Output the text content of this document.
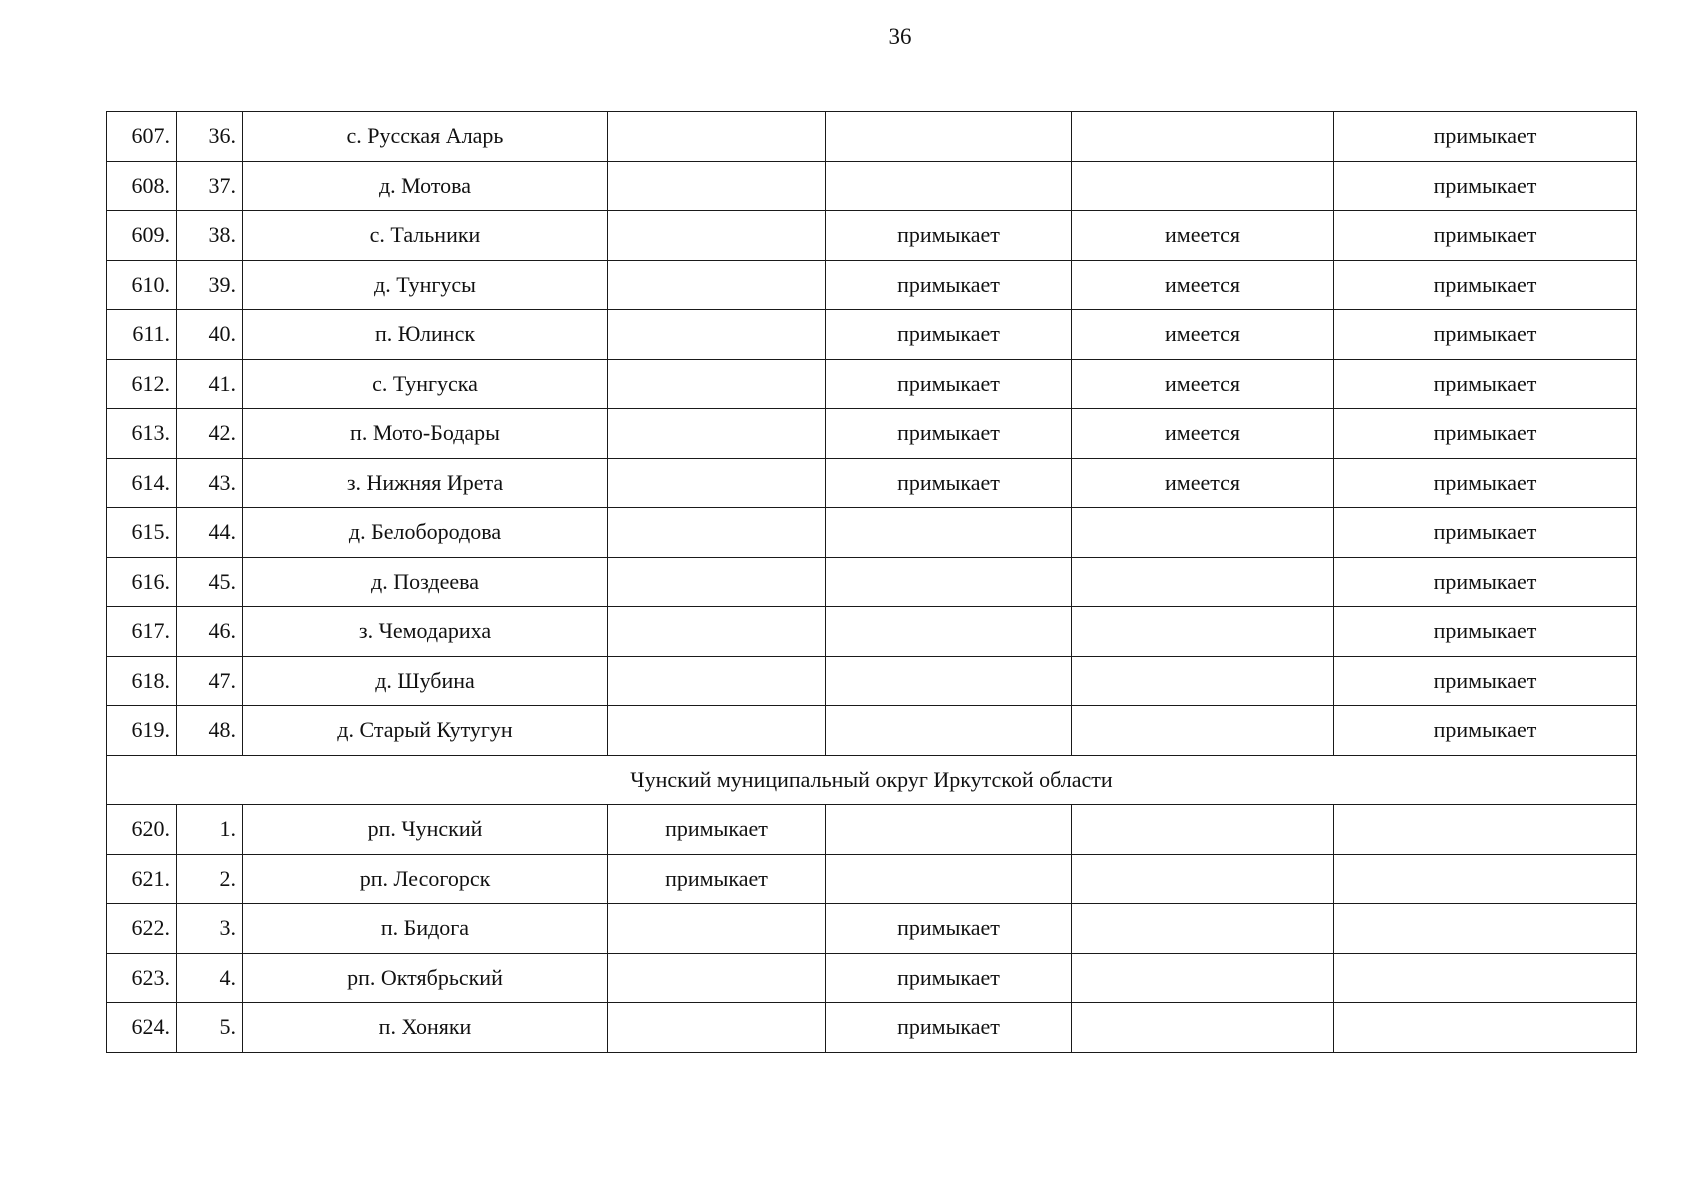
36
607.	36.	с. Русская Аларь				примыкает
608.	37.	д. Мотова				примыкает
609.	38.	с. Тальники		примыкает	имеется	примыкает
610.	39.	д. Тунгусы		примыкает	имеется	примыкает
611.	40.	п. Юлинск		примыкает	имеется	примыкает
612.	41.	с. Тунгуска		примыкает	имеется	примыкает
613.	42.	п. Мото-Бодары		примыкает	имеется	примыкает
614.	43.	з. Нижняя Ирета		примыкает	имеется	примыкает
615.	44.	д. Белобородова				примыкает
616.	45.	д. Поздеева				примыкает
617.	46.	з. Чемодариха				примыкает
618.	47.	д. Шубина				примыкает
619.	48.	д. Старый Кутугун				примыкает
Чунский муниципальный округ Иркутской области						
620.	1.	рп. Чунский	примыкает			
621.	2.	рп. Лесогорск	примыкает			
622.	3.	п. Бидога		примыкает		
623.	4.	рп. Октябрьский		примыкает		
624.	5.	п. Хоняки		примыкает		
